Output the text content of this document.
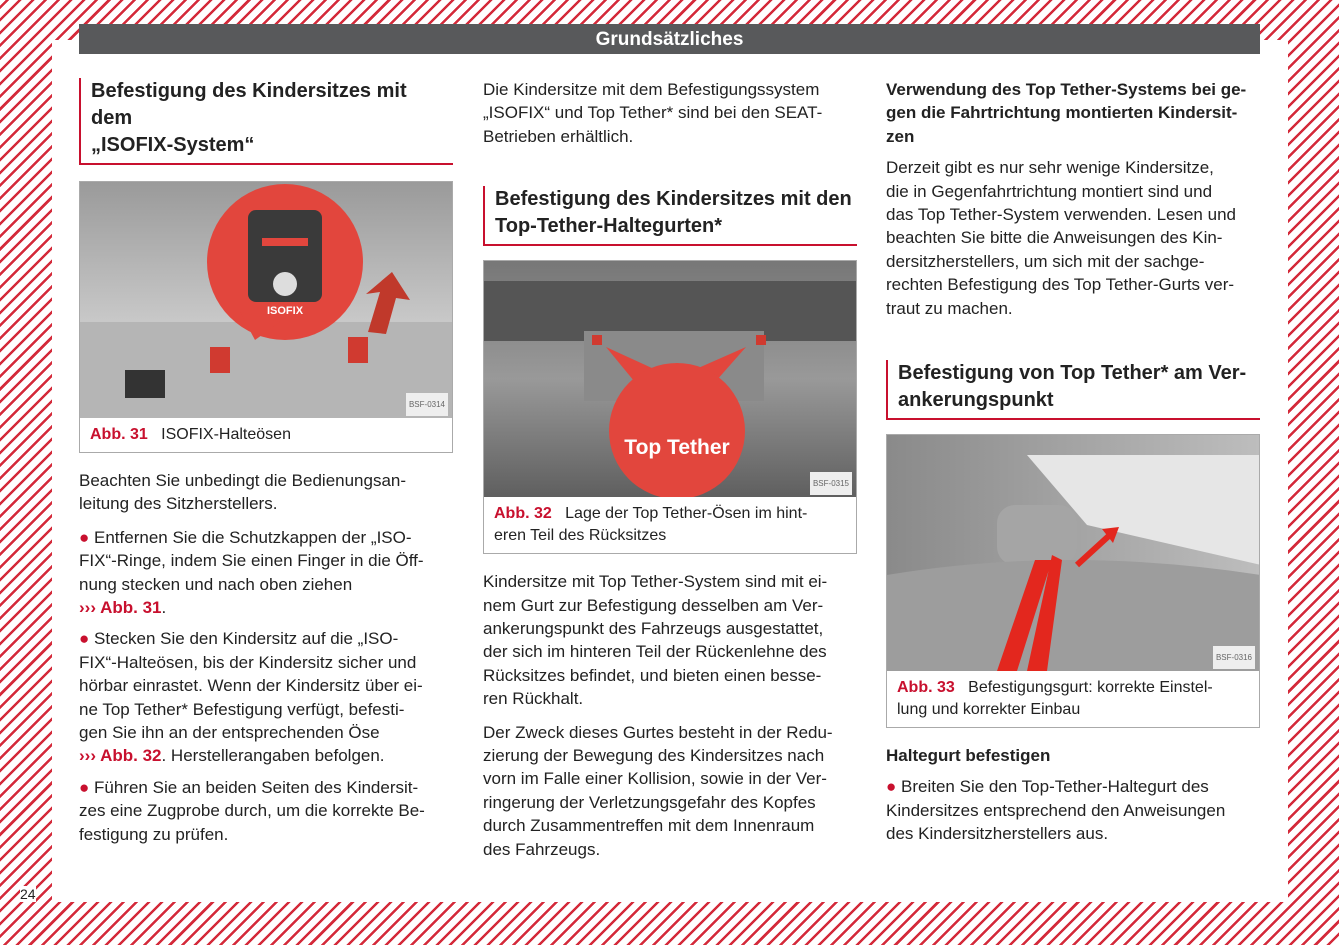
Grundsätzliches
Befestigung des Kindersitzes mit dem
„ISOFIX-System“
ISOFIX
BSF-0314
Abb. 31 ISOFIX-Halteösen

Beachten Sie unbedingt die Bedienungsan-
leitung des Sitzherstellers.

● Entfernen Sie die Schutzkappen der „ISO-
FIX“-Ringe, indem Sie einen Finger in die Öff-
nung stecken und nach oben ziehen
››› Abb. 31.
● Stecken Sie den Kindersitz auf die „ISO-
FIX“-Halteösen, bis der Kindersitz sicher und
hörbar einrastet. Wenn der Kindersitz über ei-
ne Top Tether* Befestigung verfügt, befesti-
gen Sie ihn an der entsprechenden Öse
››› Abb. 32. Herstellerangaben befolgen.
● Führen Sie an beiden Seiten des Kindersit-
zes eine Zugprobe durch, um die korrekte Be-
festigung zu prüfen.

Die Kindersitze mit dem Befestigungssystem
„ISOFIX“ und Top Tether* sind bei den SEAT-
Betrieben erhältlich.

Befestigung des Kindersitzes mit den
Top-Tether-Haltegurten*
Top Tether
BSF-0315
Abb. 32 Lage der Top Tether-Ösen im hint-
eren Teil des Rücksitzes

Kindersitze mit Top Tether-System sind mit ei-
nem Gurt zur Befestigung desselben am Ver-
ankerungspunkt des Fahrzeugs ausgestattet,
der sich im hinteren Teil der Rückenlehne des
Rücksitzes befindet, und bieten einen besse-
ren Rückhalt.

Der Zweck dieses Gurtes besteht in der Redu-
zierung der Bewegung des Kindersitzes nach
vorn im Falle einer Kollision, sowie in der Ver-
ringerung der Verletzungsgefahr des Kopfes
durch Zusammentreffen mit dem Innenraum
des Fahrzeugs.

Verwendung des Top Tether-Systems bei ge-
gen die Fahrtrichtung montierten Kindersit-
zen

Derzeit gibt es nur sehr wenige Kindersitze,
die in Gegenfahrtrichtung montiert sind und
das Top Tether-System verwenden. Lesen und
beachten Sie bitte die Anweisungen des Kin-
dersitzherstellers, um sich mit der sachge-
rechten Befestigung des Top Tether-Gurts ver-
traut zu machen.

Befestigung von Top Tether* am Ver-
ankerungspunkt
BSF-0316
Abb. 33 Befestigungsgurt: korrekte Einstel-
lung und korrekter Einbau
Haltegurt befestigen
● Breiten Sie den Top-Tether-Haltegurt des
Kindersitzes entsprechend den Anweisungen
des Kindersitzherstellers aus.
24
